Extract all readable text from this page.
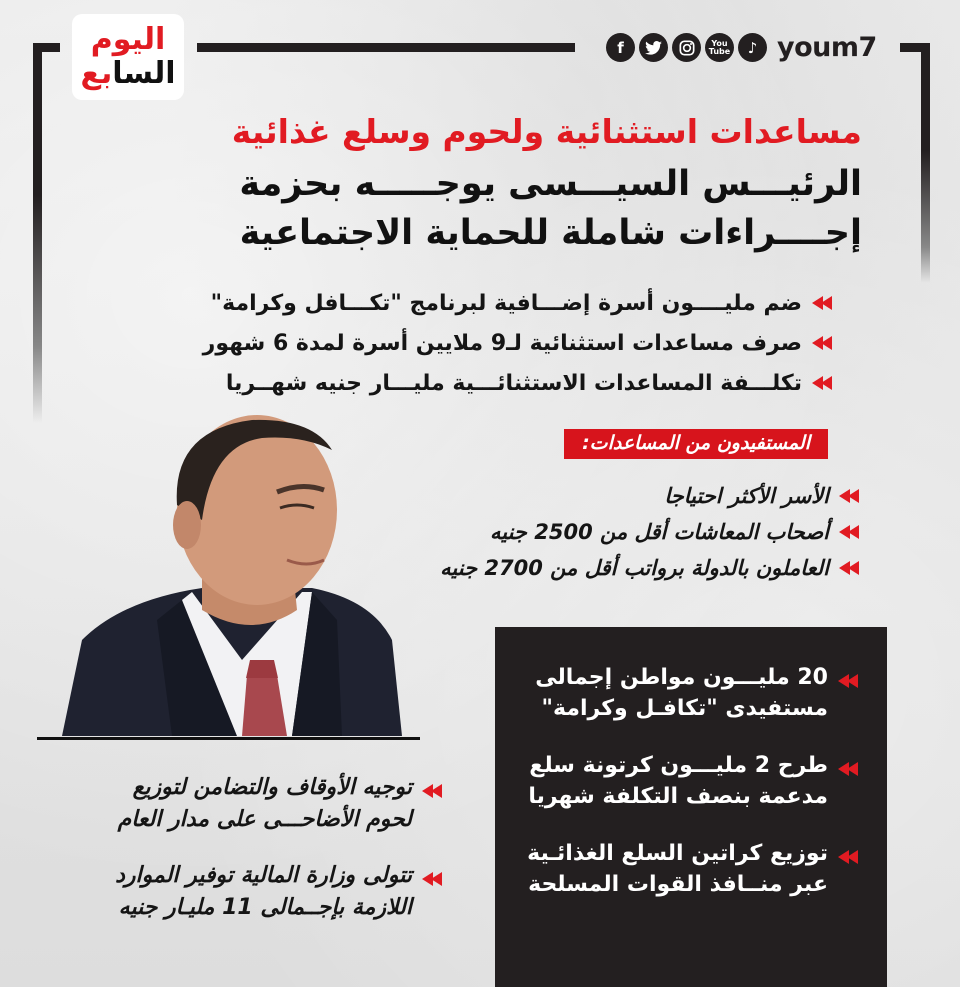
اليوم
السابع
f	You Tube	♪ youm7
مساعدات استثنائية ولحوم وسلع غذائية
الرئيـــس السيـــسى يوجـــــه بحزمة
إجــــراءات شاملة للحماية الاجتماعية
ضم مليــــون أسرة إضـــافية لبرنامج "تكـــافل وكرامة"
صرف مساعدات استثنائية لـ9 ملايين أسرة لمدة 6 شهور
تكلـــفة المساعدات الاستثنائـــية مليـــار جنيه شهــريا
المستفيدون من المساعدات:
الأسر الأكثر احتياجا
أصحاب المعاشات أقل من 2500 جنيه
العاملون بالدولة برواتب أقل من 2700 جنيه
20 مليـــون مواطن إجمالى
مستفيدى "تكافـل وكرامة"
طرح 2 مليـــون كرتونة سلع
مدعمة بنصف التكلفة شهريا
توزيع كراتين السلع الغذائـية
عبر منــافذ القوات المسلحة
توجيه الأوقاف والتضامن لتوزيع
لحوم الأضاحـــى على مدار العام
تتولى وزارة المالية توفير الموارد
اللازمة بإجــمالى 11 مليـار جنيه
